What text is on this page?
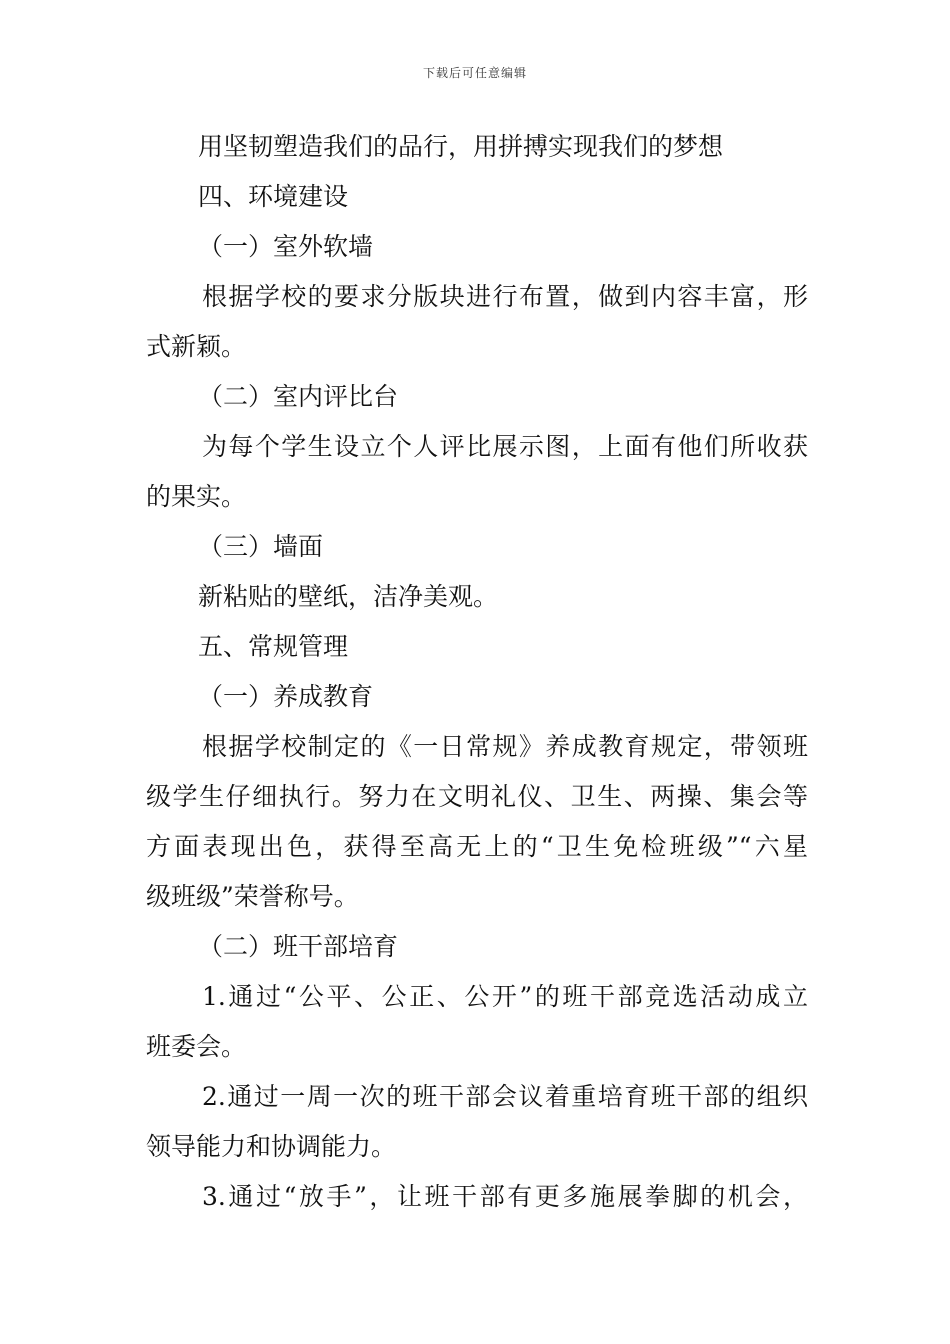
下载后可任意编辑
用坚韧塑造我们的品行，用拼搏实现我们的梦想
四、环境建设
（一）室外软墙
根据学校的要求分版块进行布置，做到内容丰富，形
式新颖。
（二）室内评比台
为每个学生设立个人评比展示图，上面有他们所收获
的果实。
（三）墙面
新粘贴的壁纸，洁净美观。
五、常规管理
（一）养成教育
根据学校制定的《一日常规》养成教育规定，带领班
级学生仔细执行。努力在文明礼仪、卫生、两操、集会等
方面表现出色，获得至高无上的“卫生免检班级”“六星
级班级”荣誉称号。
（二）班干部培育
1.通过“公平、公正、公开”的班干部竞选活动成立
班委会。
2.通过一周一次的班干部会议着重培育班干部的组织
领导能力和协调能力。
3.通过“放手”，让班干部有更多施展拳脚的机会，
